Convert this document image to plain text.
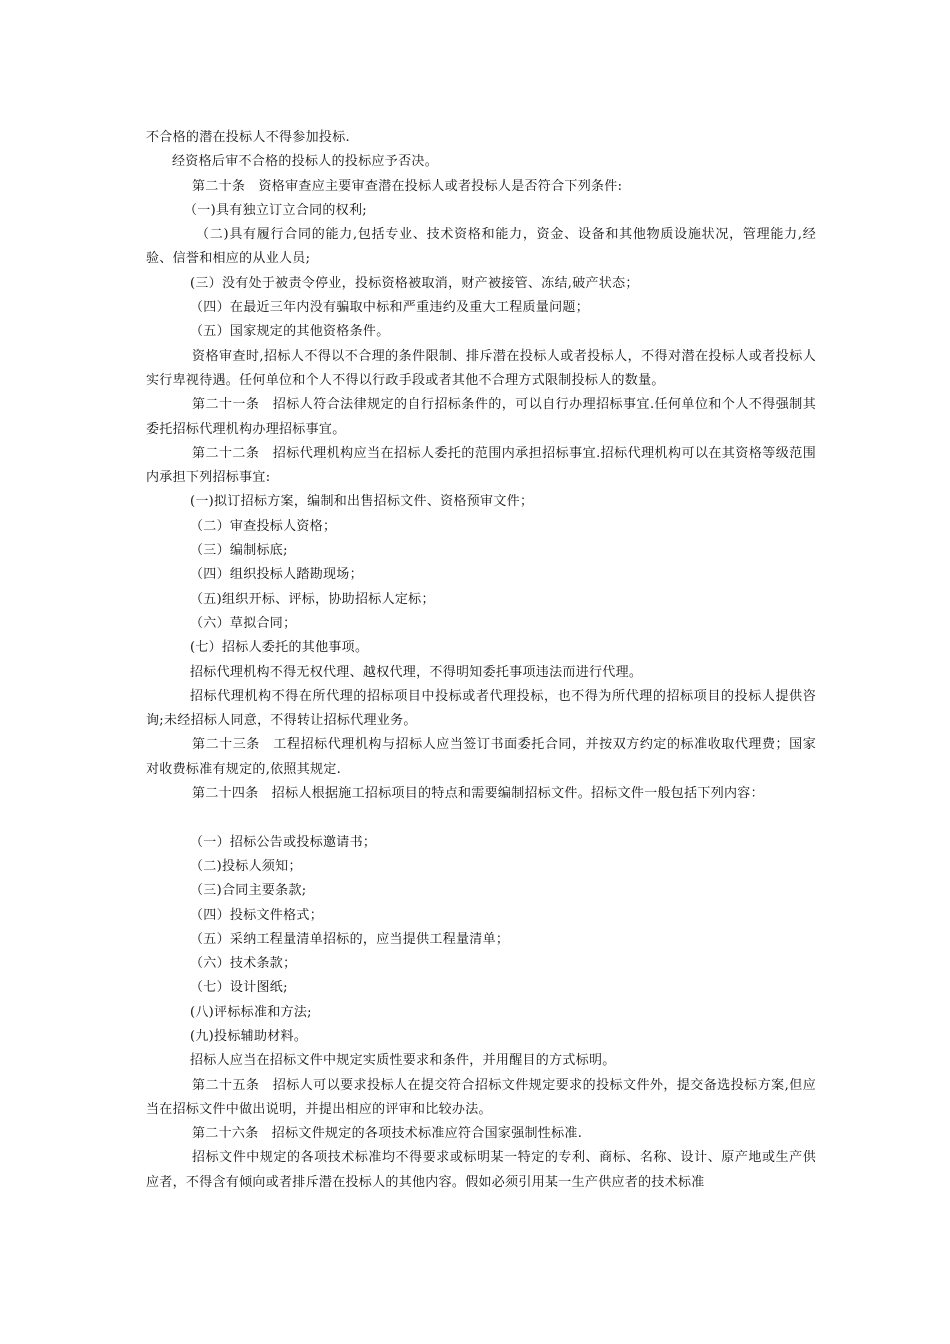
不合格的潜在投标人不得参加投标.

经资格后审不合格的投标人的投标应予否决。

第二十条　资格审查应主要审查潜在投标人或者投标人是否符合下列条件:

（一)具有独立订立合同的权利;

（二)具有履行合同的能力,包括专业、技术资格和能力，资金、设备和其他物质设施状况，管理能力,经验、信誉和相应的从业人员;

(三）没有处于被责令停业，投标资格被取消，财产被接管、冻结,破产状态；

（四）在最近三年内没有骗取中标和严重违约及重大工程质量问题；

（五）国家规定的其他资格条件。

资格审查时,招标人不得以不合理的条件限制、排斥潜在投标人或者投标人，不得对潜在投标人或者投标人实行卑视待遇。任何单位和个人不得以行政手段或者其他不合理方式限制投标人的数量。

第二十一条　招标人符合法律规定的自行招标条件的，可以自行办理招标事宜.任何单位和个人不得强制其委托招标代理机构办理招标事宜。

第二十二条　招标代理机构应当在招标人委托的范围内承担招标事宜.招标代理机构可以在其资格等级范围内承担下列招标事宜:

(一)拟订招标方案，编制和出售招标文件、资格预审文件；

（二）审查投标人资格；

（三）编制标底;

（四）组织投标人踏勘现场；

（五)组织开标、评标，协助招标人定标；

（六）草拟合同；

(七）招标人委托的其他事项。

招标代理机构不得无权代理、越权代理，不得明知委托事项违法而进行代理。

招标代理机构不得在所代理的招标项目中投标或者代理投标，也不得为所代理的招标项目的投标人提供咨询;未经招标人同意，不得转让招标代理业务。

第二十三条　工程招标代理机构与招标人应当签订书面委托合同，并按双方约定的标准收取代理费；国家对收费标准有规定的,依照其规定.

第二十四条　招标人根据施工招标项目的特点和需要编制招标文件。招标文件一般包括下列内容：

（一）招标公告或投标邀请书；

（二)投标人须知；

（三)合同主要条款;

（四）投标文件格式；

（五）采纳工程量清单招标的，应当提供工程量清单；

（六）技术条款；

（七）设计图纸;

(八)评标标准和方法;

(九)投标辅助材料。

招标人应当在招标文件中规定实质性要求和条件，并用醒目的方式标明。

第二十五条　招标人可以要求投标人在提交符合招标文件规定要求的投标文件外，提交备选投标方案,但应当在招标文件中做出说明，并提出相应的评审和比较办法。

第二十六条　招标文件规定的各项技术标准应符合国家强制性标准.

招标文件中规定的各项技术标准均不得要求或标明某一特定的专利、商标、名称、设计、原产地或生产供应者，不得含有倾向或者排斥潜在投标人的其他内容。假如必须引用某一生产供应者的技术标准
